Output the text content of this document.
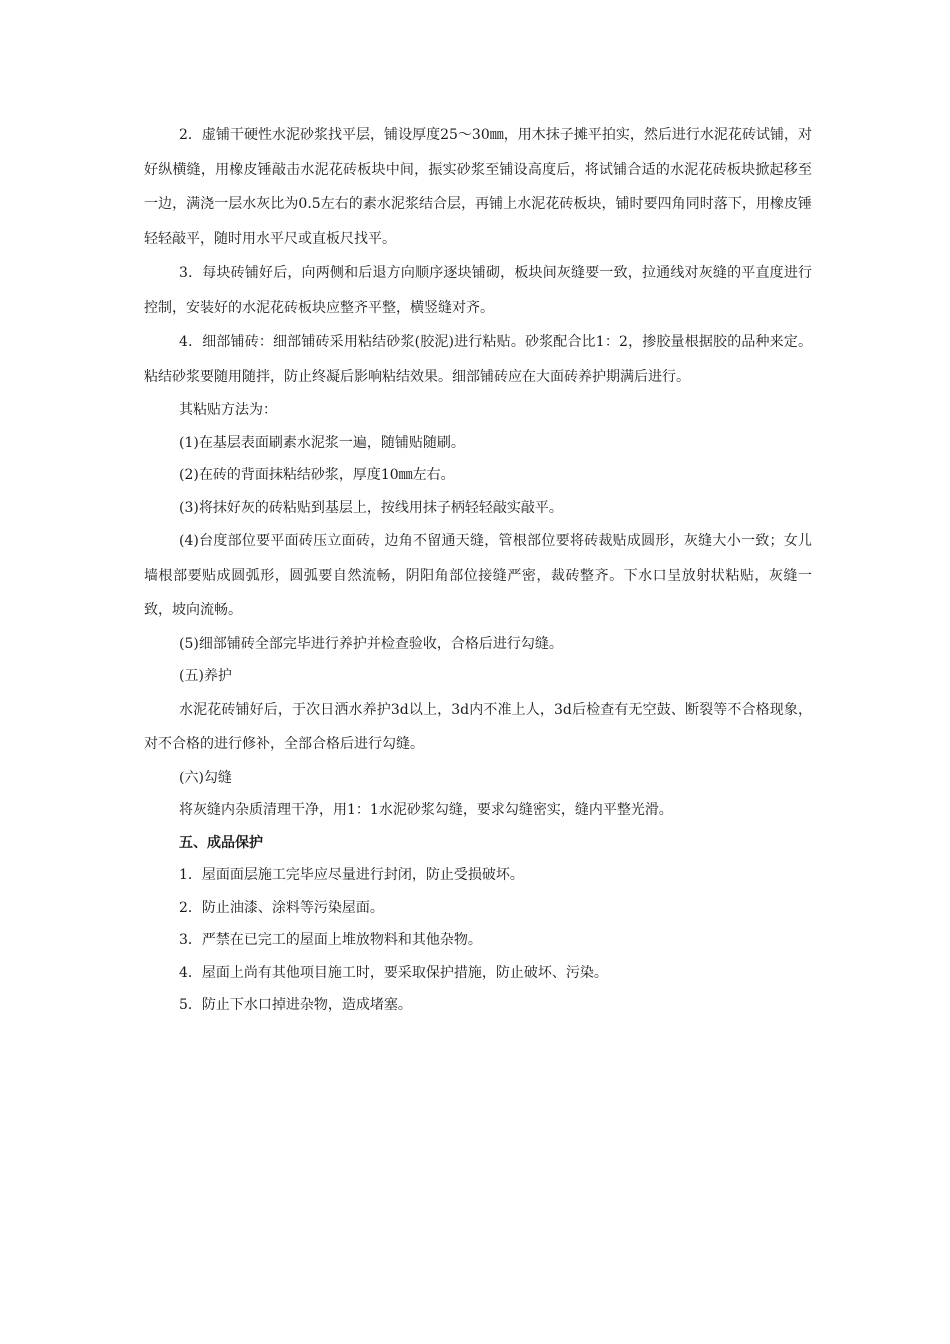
2．虚铺干硬性水泥砂浆找平层，铺设厚度25～30㎜，用木抹子摊平拍实，然后进行水泥花砖试铺，对好纵横缝，用橡皮锤敲击水泥花砖板块中间，振实砂浆至铺设高度后，将试铺合适的水泥花砖板块掀起移至一边，满浇一层水灰比为0.5左右的素水泥浆结合层，再铺上水泥花砖板块，铺时要四角同时落下，用橡皮锤轻轻敲平，随时用水平尺或直板尺找平。

3．每块砖铺好后，向两侧和后退方向顺序逐块铺砌，板块间灰缝要一致，拉通线对灰缝的平直度进行控制，安装好的水泥花砖板块应整齐平整，横竖缝对齐。

4．细部铺砖：细部铺砖采用粘结砂浆(胶泥)进行粘贴。砂浆配合比1：2，掺胶量根据胶的品种来定。粘结砂浆要随用随拌，防止终凝后影响粘结效果。细部铺砖应在大面砖养护期满后进行。

其粘贴方法为：

(1)在基层表面刷素水泥浆一遍，随铺贴随刷。

(2)在砖的背面抹粘结砂浆，厚度10㎜左右。

(3)将抹好灰的砖粘贴到基层上，按线用抹子柄轻轻敲实敲平。

(4)台度部位要平面砖压立面砖，边角不留通天缝，管根部位要将砖裁贴成圆形，灰缝大小一致；女儿墙根部要贴成圆弧形，圆弧要自然流畅，阴阳角部位接缝严密，裁砖整齐。下水口呈放射状粘贴，灰缝一致，坡向流畅。

(5)细部铺砖全部完毕进行养护并检查验收，合格后进行勾缝。

(五)养护

水泥花砖铺好后，于次日洒水养护3d以上，3d内不准上人，3d后检查有无空鼓、断裂等不合格现象，对不合格的进行修补，全部合格后进行勾缝。

(六)勾缝

将灰缝内杂质清理干净，用1：1水泥砂浆勾缝，要求勾缝密实，缝内平整光滑。

五、成品保护

1．屋面面层施工完毕应尽量进行封闭，防止受损破坏。

2．防止油漆、涂料等污染屋面。

3．严禁在已完工的屋面上堆放物料和其他杂物。

4．屋面上尚有其他项目施工时，要采取保护措施，防止破坏、污染。

5．防止下水口掉进杂物，造成堵塞。
